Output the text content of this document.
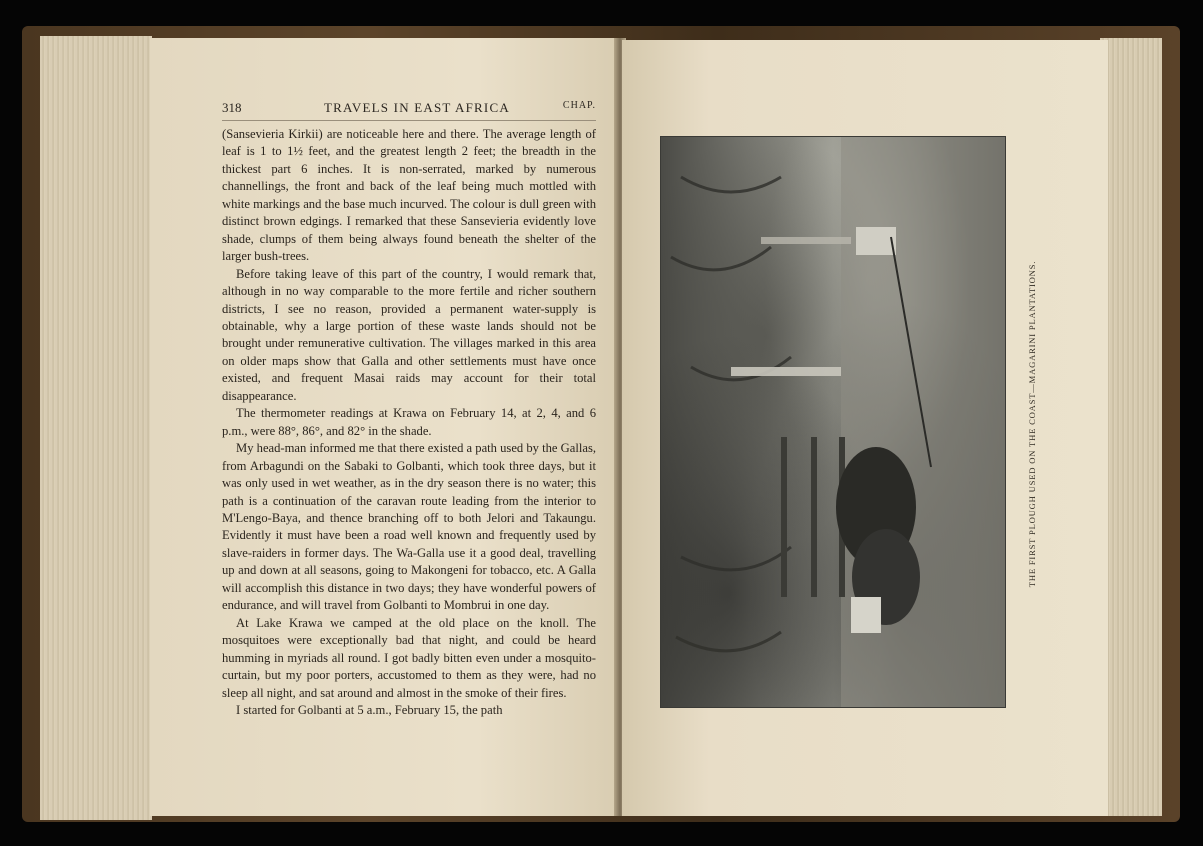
318	TRAVELS IN EAST AFRICA	CHAP.

(Sansevieria Kirkii) are noticeable here and there. The average length of leaf is 1 to 1½ feet, and the greatest length 2 feet; the breadth in the thickest part 6 inches. It is non-serrated, marked by numerous channellings, the front and back of the leaf being much mottled with white markings and the base much incurved. The colour is dull green with distinct brown edgings. I remarked that these Sansevieria evidently love shade, clumps of them being always found beneath the shelter of the larger bush-trees.

Before taking leave of this part of the country, I would remark that, although in no way comparable to the more fertile and richer southern districts, I see no reason, provided a permanent water-supply is obtainable, why a large portion of these waste lands should not be brought under remunerative cultivation. The villages marked in this area on older maps show that Galla and other settlements must have once existed, and frequent Masai raids may account for their total disappearance.

The thermometer readings at Krawa on February 14, at 2, 4, and 6 p.m., were 88°, 86°, and 82° in the shade.

My head-man informed me that there existed a path used by the Gallas, from Arbagundi on the Sabaki to Golbanti, which took three days, but it was only used in wet weather, as in the dry season there is no water; this path is a continuation of the caravan route leading from the interior to M'Lengo-Baya, and thence branching off to both Jelori and Takaungu. Evidently it must have been a road well known and frequently used by slave-raiders in former days. The Wa-Galla use it a good deal, travelling up and down at all seasons, going to Makongeni for tobacco, etc. A Galla will accomplish this distance in two days; they have wonderful powers of endurance, and will travel from Golbanti to Mombrui in one day.

At Lake Krawa we camped at the old place on the knoll. The mosquitoes were exceptionally bad that night, and could be heard humming in myriads all round. I got badly bitten even under a mosquito-curtain, but my poor porters, accustomed to them as they were, had no sleep all night, and sat around and almost in the smoke of their fires.

I started for Golbanti at 5 a.m., February 15, the path

THE FIRST PLOUGH USED ON THE COAST—MAGARINI PLANTATIONS.
